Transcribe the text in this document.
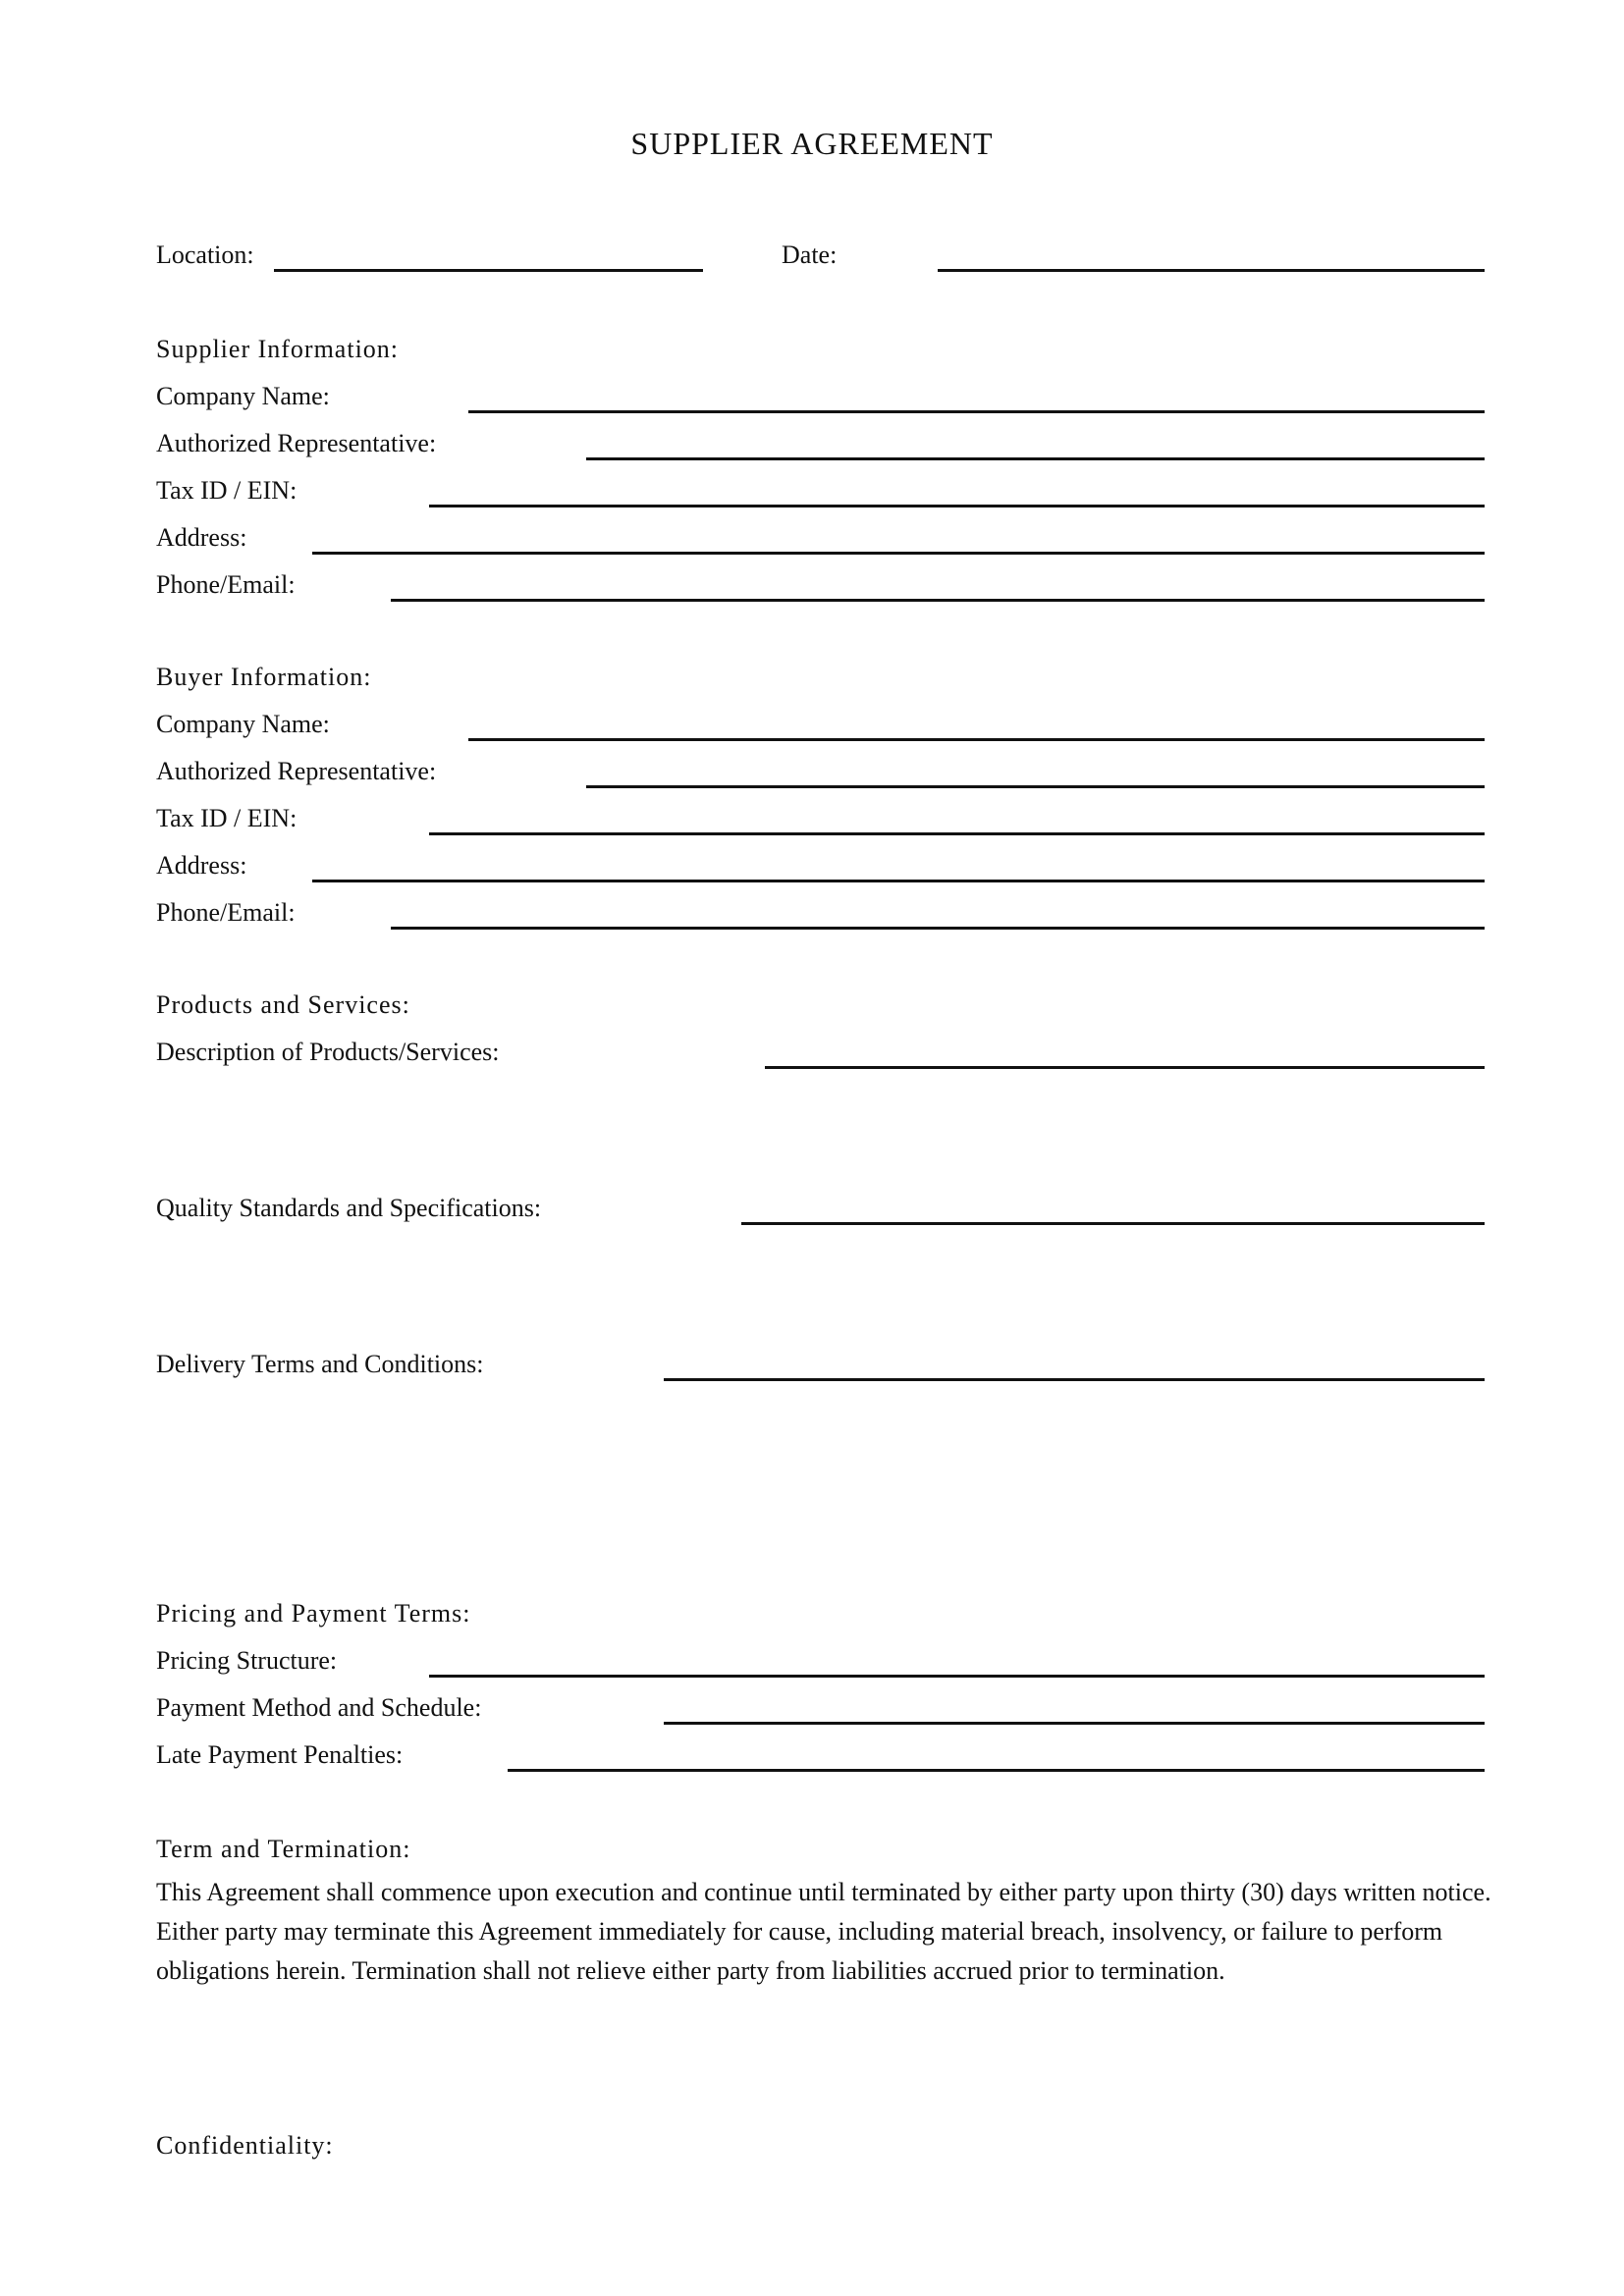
SUPPLIER AGREEMENT
Location:	Date:
Supplier Information:
Company Name:
Authorized Representative:
Tax ID / EIN:
Address:
Phone/Email:
Buyer Information:
Company Name:
Authorized Representative:
Tax ID / EIN:
Address:
Phone/Email:
Products and Services:
Description of Products/Services:
Quality Standards and Specifications:
Delivery Terms and Conditions:
Pricing and Payment Terms:
Pricing Structure:
Payment Method and Schedule:
Late Payment Penalties:
Term and Termination:
This Agreement shall commence upon execution and continue until terminated by either party upon thirty (30) days written notice. Either party may terminate this Agreement immediately for cause, including material breach, insolvency, or failure to perform obligations herein. Termination shall not relieve either party from liabilities accrued prior to termination.
Confidentiality:
